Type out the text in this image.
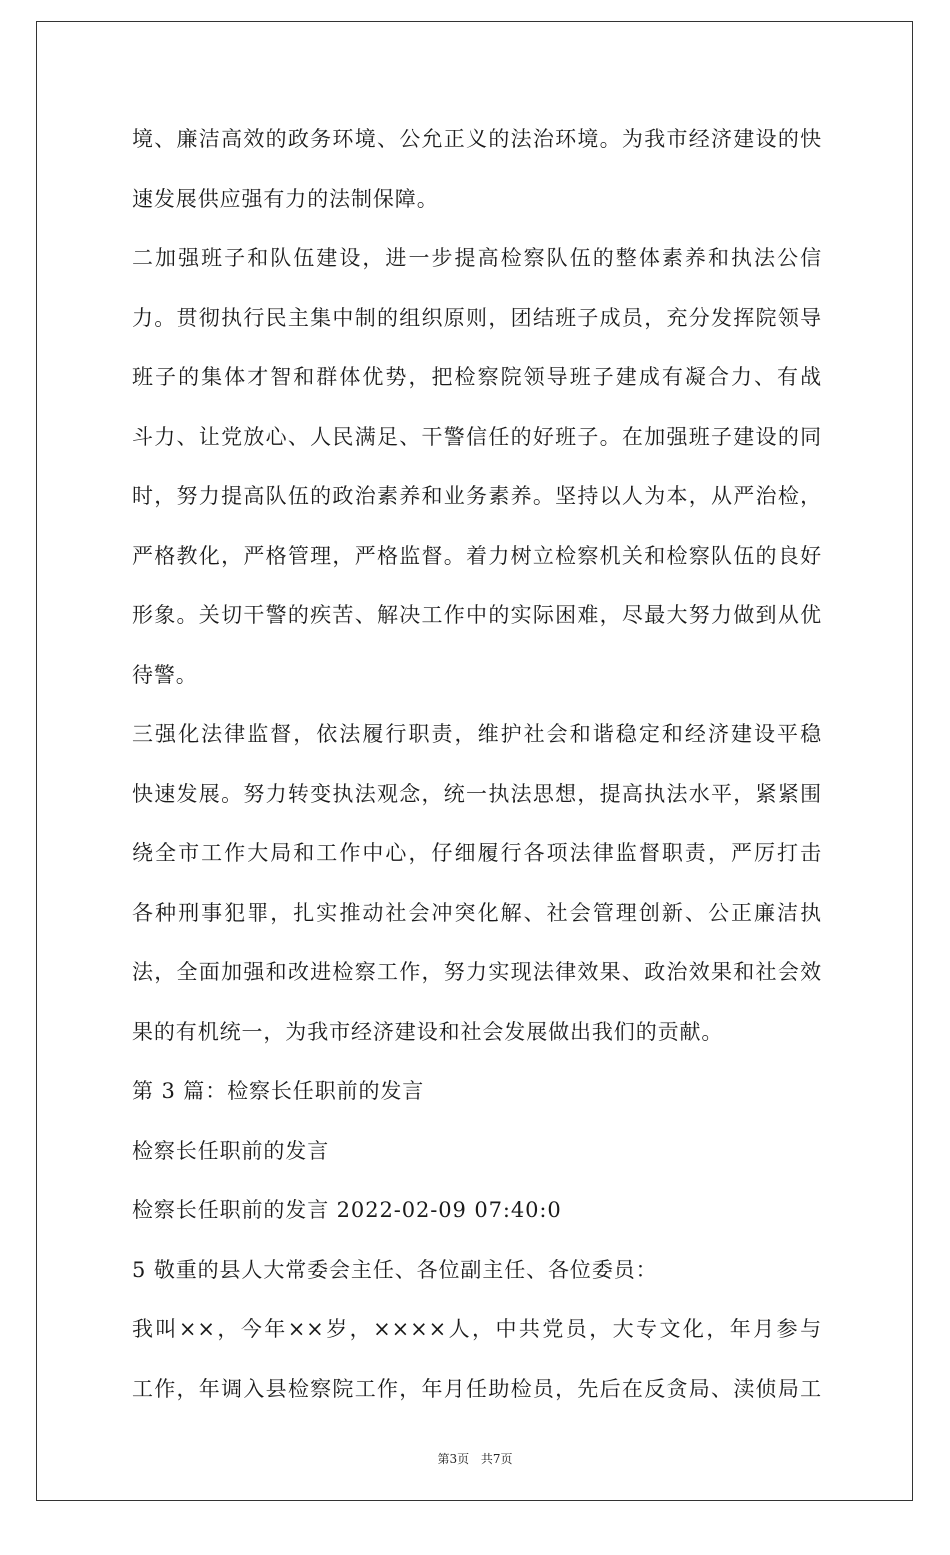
境、廉洁高效的政务环境、公允正义的法治环境。为我市经济建设的快
速发展供应强有力的法制保障。
二加强班子和队伍建设，进一步提高检察队伍的整体素养和执法公信
力。贯彻执行民主集中制的组织原则，团结班子成员，充分发挥院领导
班子的集体才智和群体优势，把检察院领导班子建成有凝合力、有战
斗力、让党放心、人民满足、干警信任的好班子。在加强班子建设的同
时，努力提高队伍的政治素养和业务素养。坚持以人为本，从严治检，
严格教化，严格管理，严格监督。着力树立检察机关和检察队伍的良好
形象。关切干警的疾苦、解决工作中的实际困难，尽最大努力做到从优
待警。
三强化法律监督，依法履行职责，维护社会和谐稳定和经济建设平稳
快速发展。努力转变执法观念，统一执法思想，提高执法水平，紧紧围
绕全市工作大局和工作中心，仔细履行各项法律监督职责，严厉打击
各种刑事犯罪，扎实推动社会冲突化解、社会管理创新、公正廉洁执
法，全面加强和改进检察工作，努力实现法律效果、政治效果和社会效
果的有机统一，为我市经济建设和社会发展做出我们的贡献。
第 3 篇：检察长任职前的发言
检察长任职前的发言
检察长任职前的发言 2022-02-09 07:40:0
5 敬重的县人大常委会主任、各位副主任、各位委员：
我叫××，今年××岁，××××人，中共党员，大专文化，年月参与
工作，年调入县检察院工作，年月任助检员，先后在反贪局、渎侦局工
第3页 共7页
